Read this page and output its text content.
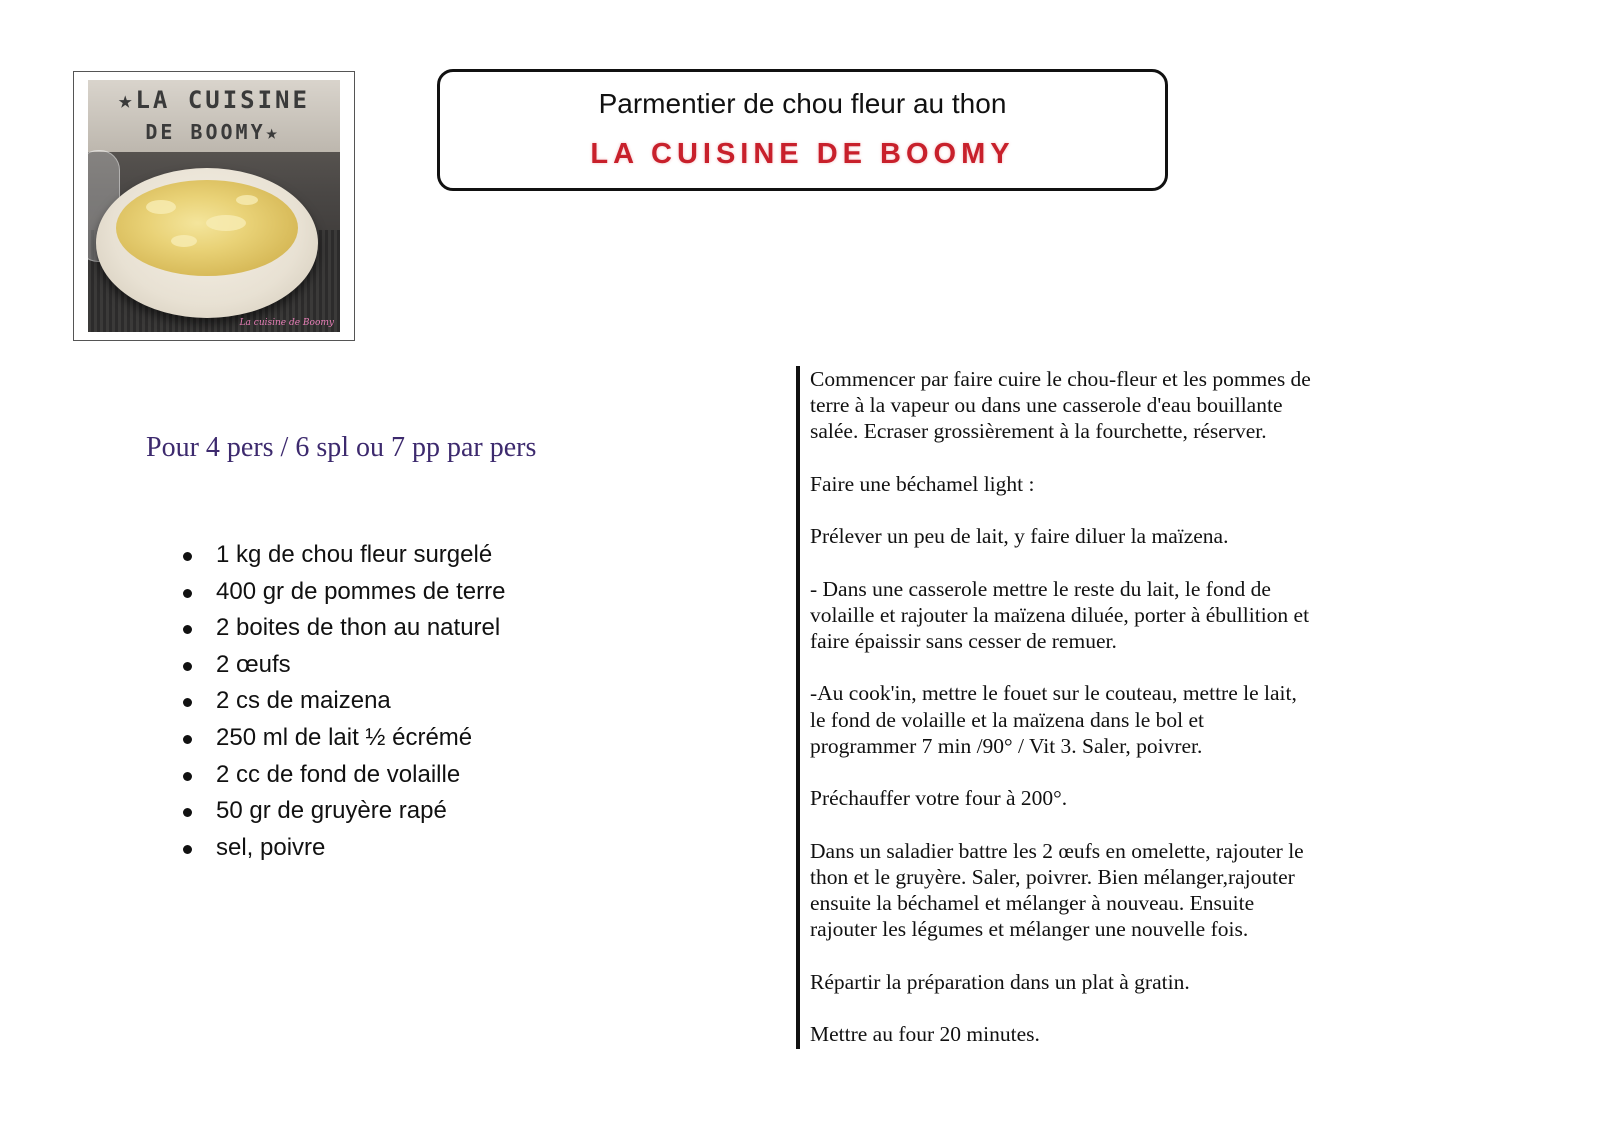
★LA CUISINE
DE BOOMY★
La cuisine de Boomy
Parmentier de chou fleur au thon
LA CUISINE DE BOOMY
Pour 4 pers / 6 spl ou 7 pp par pers
1 kg de chou fleur surgelé
400 gr de pommes de terre
2 boites de thon au naturel
2 œufs
2 cs de maizena
250 ml de lait ½ écrémé
2 cc de fond de volaille
50 gr de gruyère rapé
sel, poivre

Commencer par faire cuire le chou-fleur et les pommes de
terre à la vapeur ou dans une casserole d'eau bouillante
salée. Ecraser grossièrement à la fourchette, réserver.

Faire une béchamel light :

Prélever un peu de lait, y faire diluer la maïzena.

- Dans une casserole mettre le reste du lait, le fond de
volaille et rajouter la maïzena diluée, porter à ébullition et
faire épaissir sans cesser de remuer.

-Au cook'in, mettre le fouet sur le couteau, mettre le lait,
le fond de volaille et la maïzena dans le bol et
programmer 7 min /90° / Vit 3. Saler, poivrer.

Préchauffer votre four à 200°.

Dans un saladier battre les 2 œufs en omelette, rajouter le
thon et le gruyère. Saler, poivrer. Bien mélanger,rajouter
ensuite la béchamel et mélanger à nouveau. Ensuite
rajouter les légumes et mélanger une nouvelle fois.

Répartir la préparation dans un plat à gratin.

Mettre au four 20 minutes.
